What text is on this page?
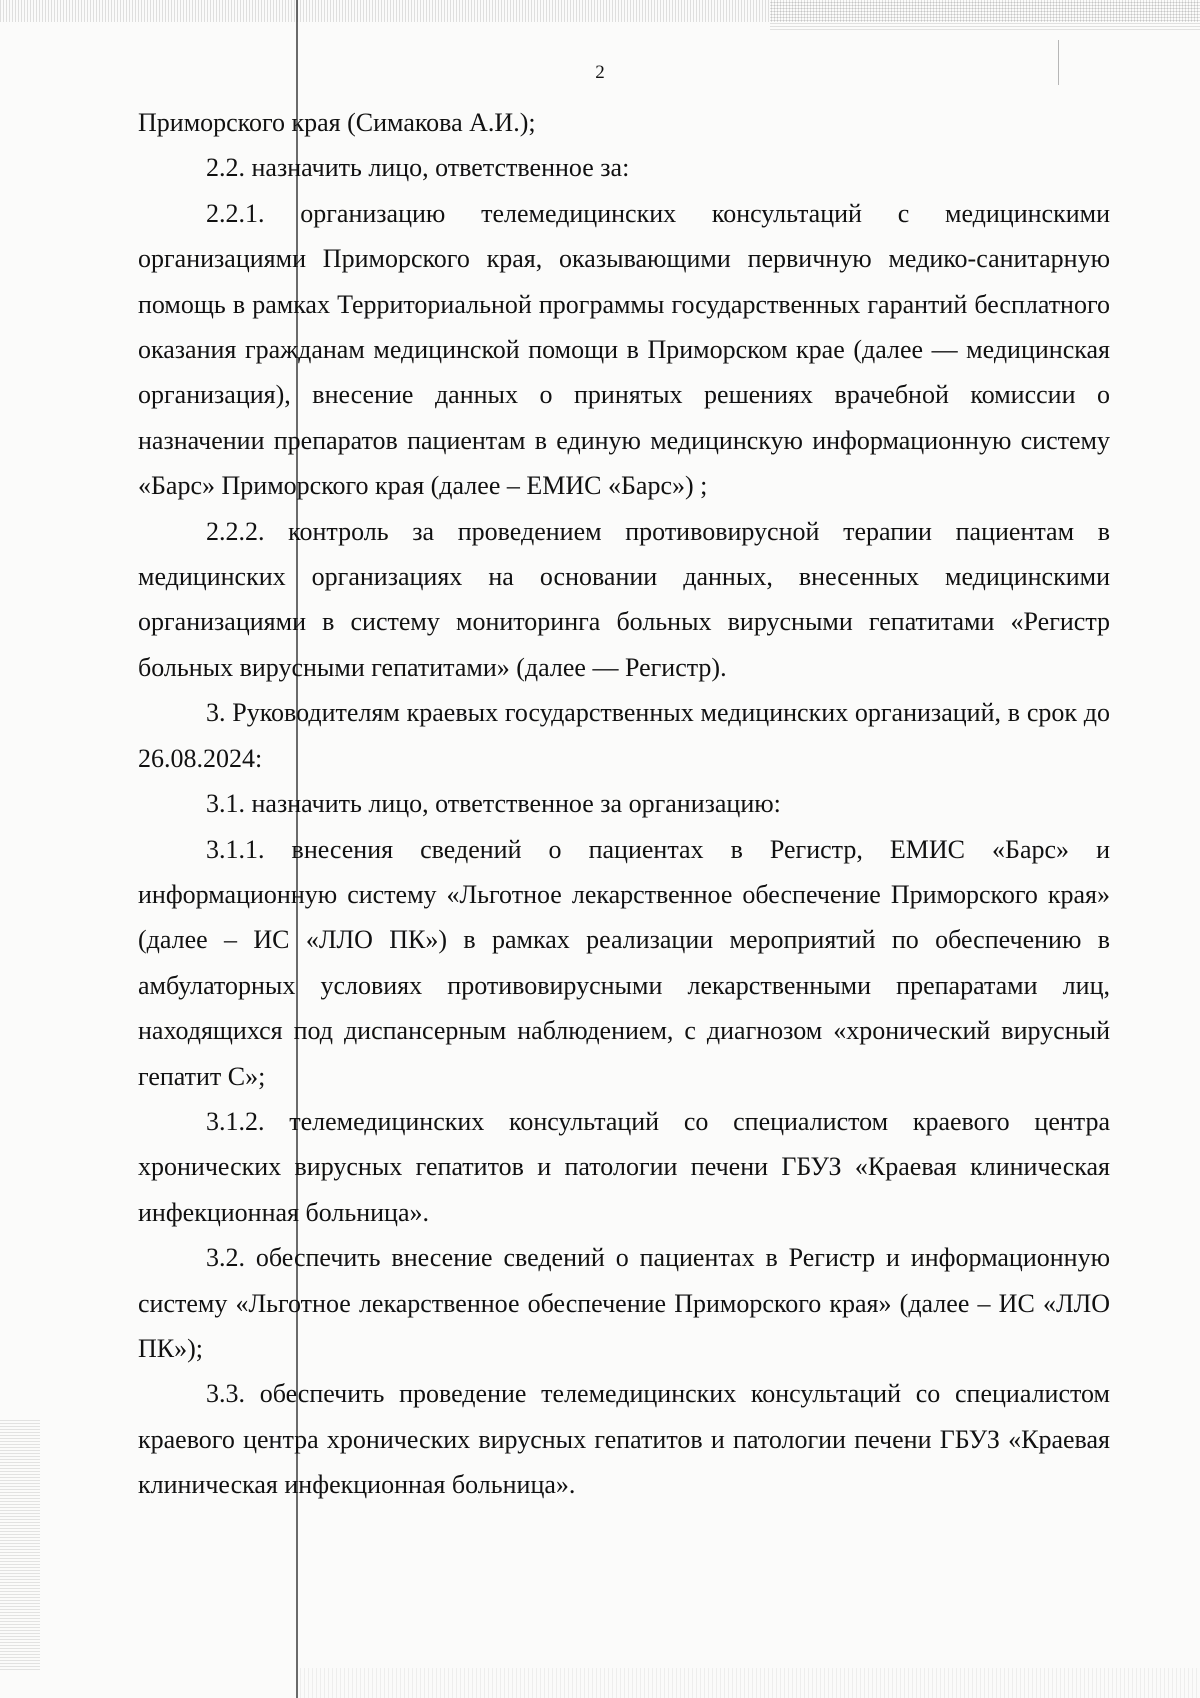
2

Приморского края (Симакова А.И.);

2.2. назначить лицо, ответственное за:

2.2.1. организацию телемедицинских консультаций с медицинскими организациями Приморского края, оказывающими первичную медико-санитарную помощь в рамках Территориальной программы государственных гарантий бесплатного оказания гражданам медицинской помощи в Приморском крае (далее — медицинская организация), внесение данных о принятых решениях врачебной комиссии о назначении препаратов пациентам в единую медицинскую информационную систему «Барс» Приморского края (далее – ЕМИС «Барс») ;

2.2.2. контроль за проведением противовирусной терапии пациентам в медицинских организациях на основании данных, внесенных медицинскими организациями в систему мониторинга больных вирусными гепатитами «Регистр больных вирусными гепатитами» (далее — Регистр).

3. Руководителям краевых государственных медицинских организаций, в срок до 26.08.2024:

3.1. назначить лицо, ответственное за организацию:

3.1.1. внесения сведений о пациентах в Регистр, ЕМИС «Барс» и информационную систему «Льготное лекарственное обеспечение Приморского края» (далее – ИС «ЛЛО ПК») в рамках реализации мероприятий по обеспечению в амбулаторных условиях противовирусными лекарственными препаратами лиц, находящихся под диспансерным наблюдением, с диагнозом «хронический вирусный гепатит С»;

3.1.2. телемедицинских консультаций со специалистом краевого центра хронических вирусных гепатитов и патологии печени ГБУЗ «Краевая клиническая инфекционная больница».

3.2. обеспечить внесение сведений о пациентах в Регистр и информационную систему «Льготное лекарственное обеспечение Приморского края» (далее – ИС «ЛЛО ПК»);

3.3. обеспечить проведение телемедицинских консультаций со специалистом краевого центра хронических вирусных гепатитов и патологии печени ГБУЗ «Краевая клиническая инфекционная больница».
